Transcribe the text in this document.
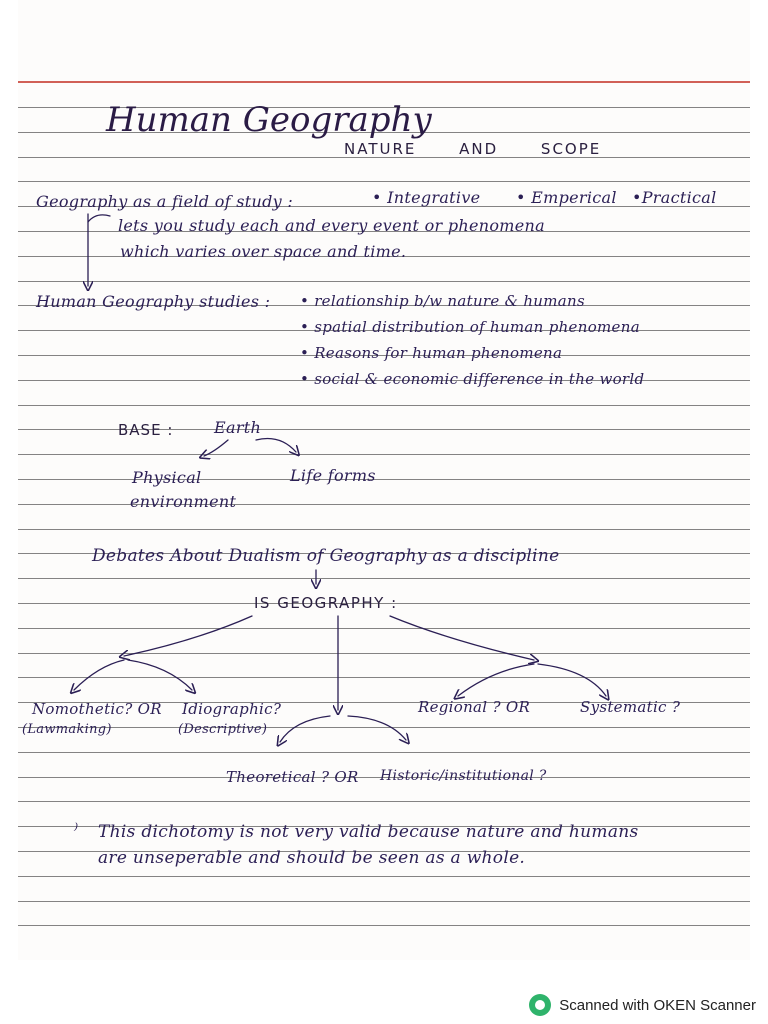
Human Geography
NATURE AND SCOPE
Geography as a field of study :	• Integrative • Emperical •Practical
lets you study each and every event or phenomena
which varies over space and time.
Human Geography studies : • relationship b/w nature & humans
• spatial distribution of human phenomena
• Reasons for human phenomena
• social & economic difference in the world
BASE :	Earth
Physical
environment
Life forms
Debates About Dualism of Geography as a discipline
IS GEOGRAPHY :
Nomothetic? OR
(Lawmaking)
Idiographic?
(Descriptive)
Regional ? OR	Systematic ?
Theoretical ? OR Historic/institutional ?
⁾ This dichotomy is not very valid because nature and humans
are unseperable and should be seen as a whole.
Scanned with OKEN Scanner
